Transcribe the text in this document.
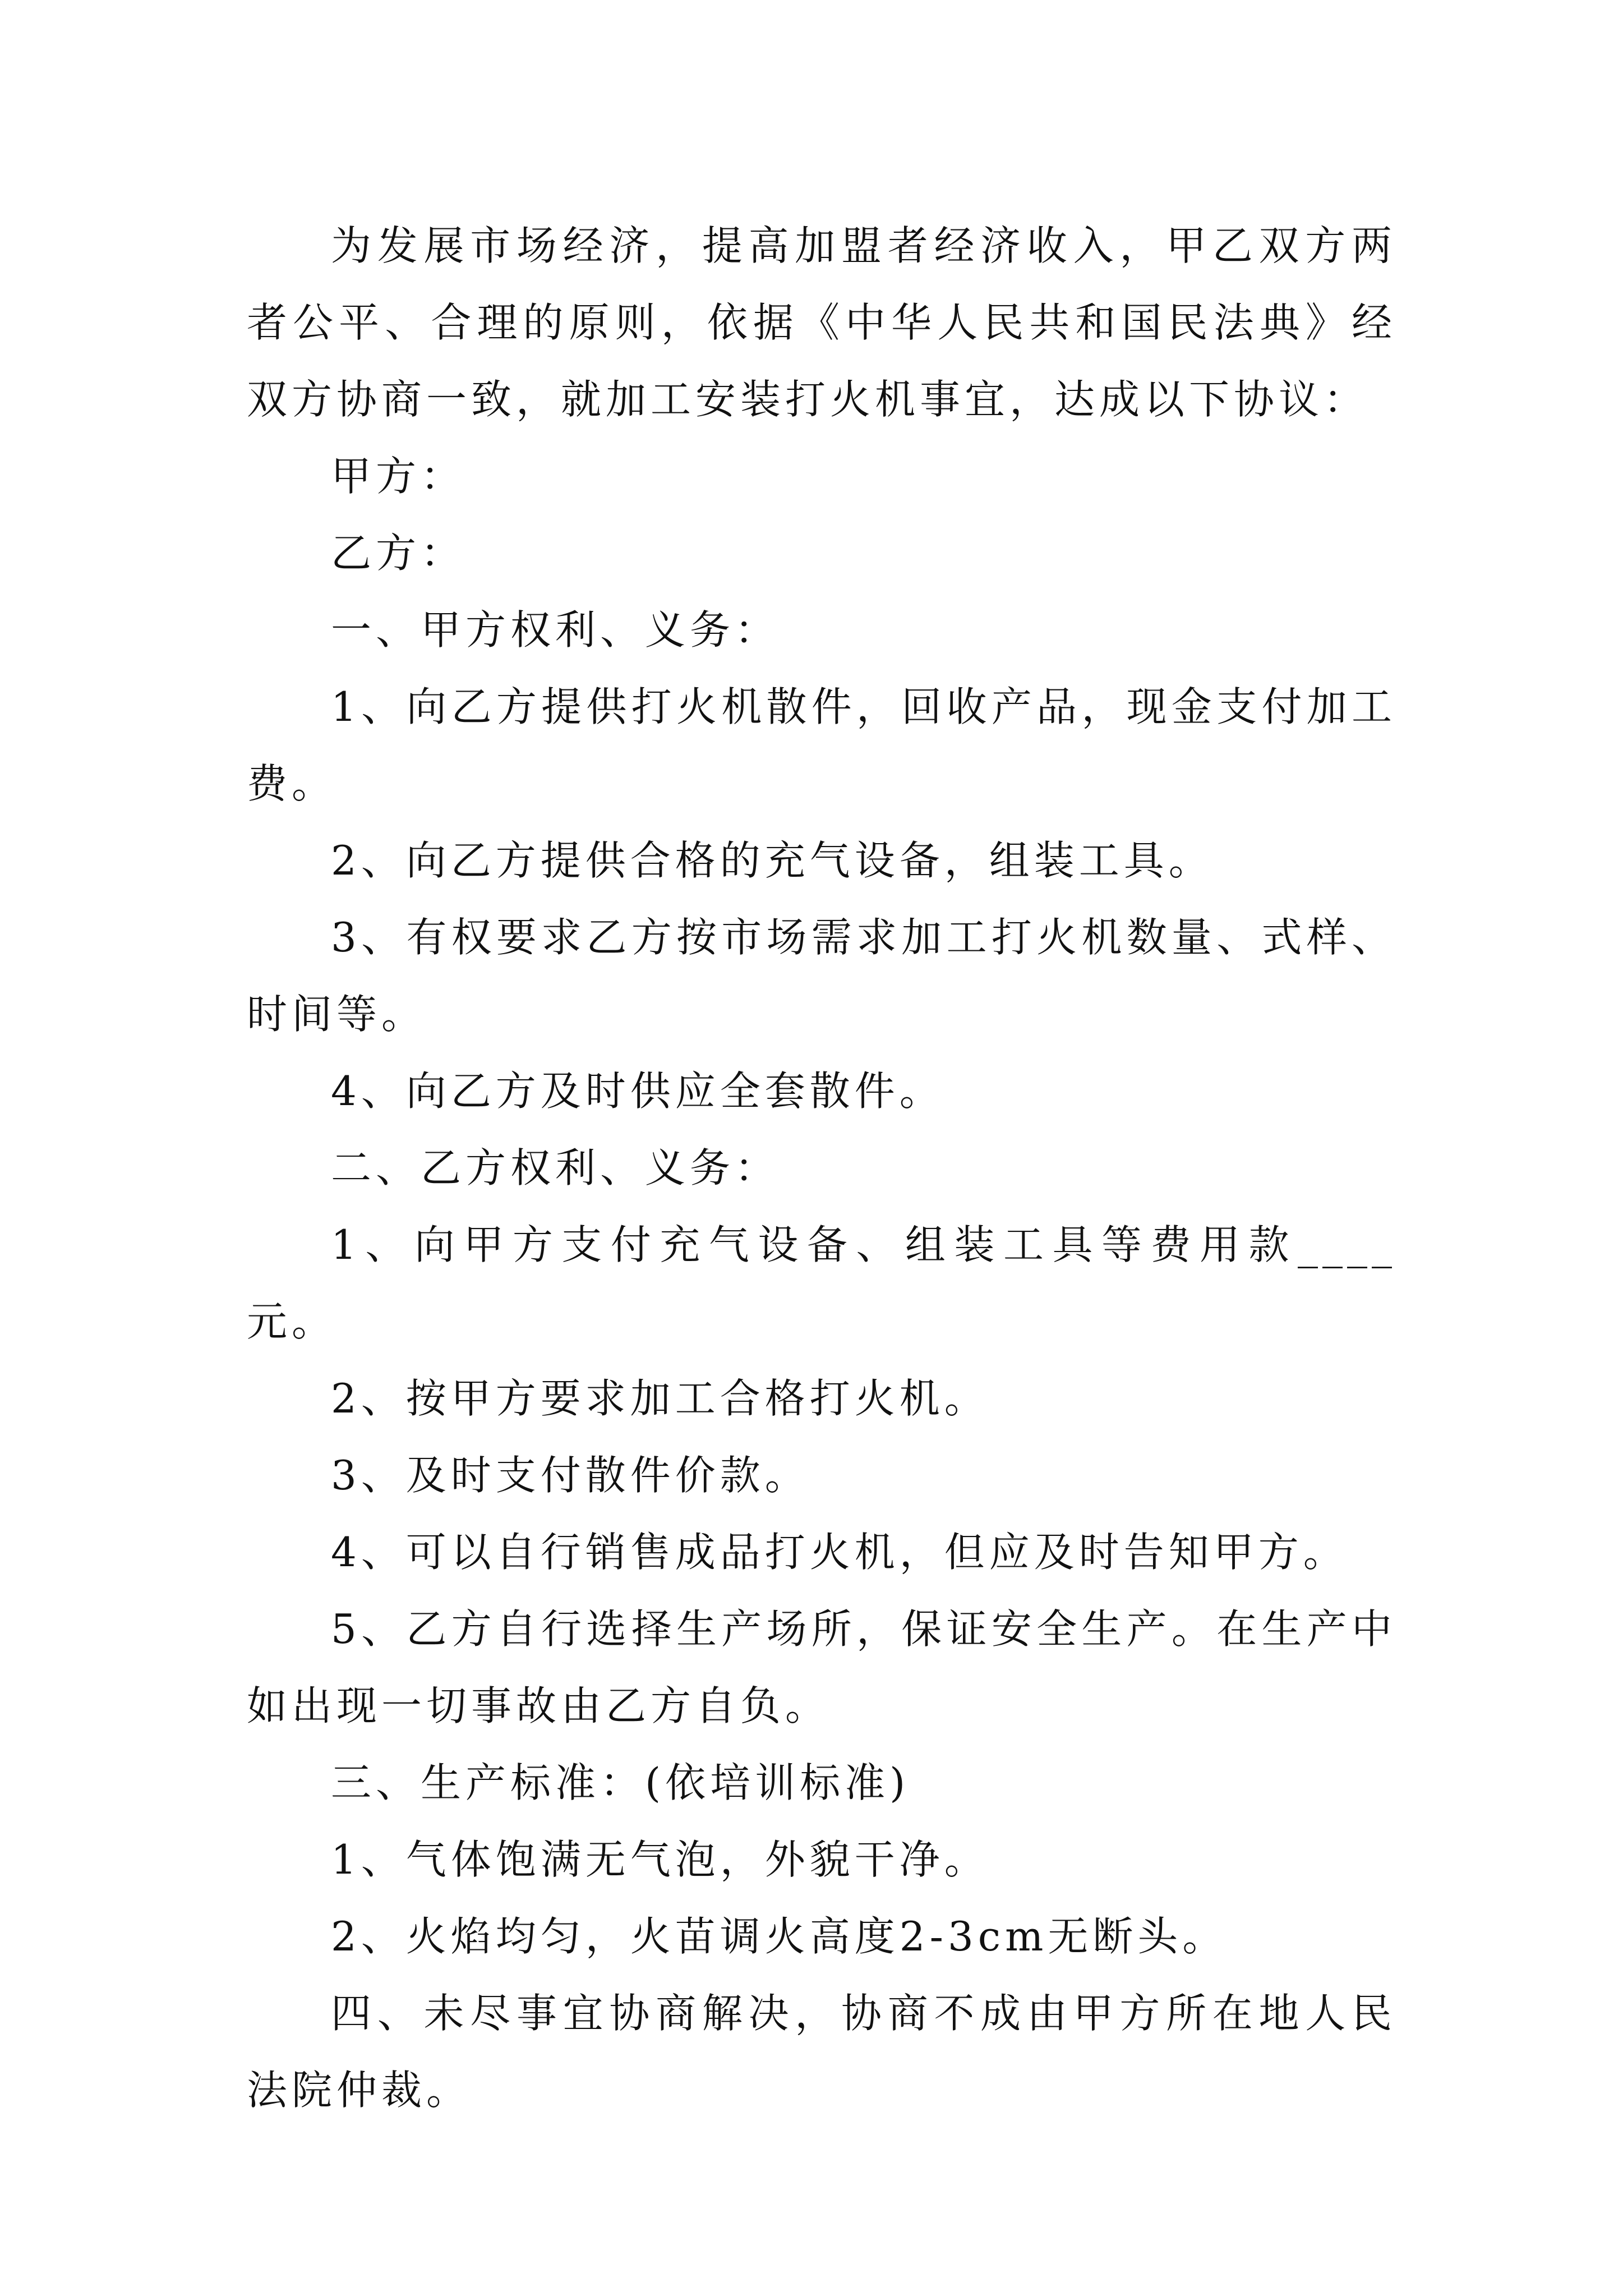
为发展市场经济，提高加盟者经济收入，甲乙双方两者公平、合理的原则，依据《中华人民共和国民法典》经双方协商一致，就加工安装打火机事宜，达成以下协议：

甲方：

乙方：

一、甲方权利、义务：

1、向乙方提供打火机散件，回收产品，现金支付加工费。

2、向乙方提供合格的充气设备，组装工具。

3、有权要求乙方按市场需求加工打火机数量、式样、时间等。

4、向乙方及时供应全套散件。

二、乙方权利、义务：

1、向甲方支付充气设备、组装工具等费用款____元。

2、按甲方要求加工合格打火机。

3、及时支付散件价款。

4、可以自行销售成品打火机，但应及时告知甲方。

5、乙方自行选择生产场所，保证安全生产。在生产中如出现一切事故由乙方自负。

三、生产标准：(依培训标准)

1、气体饱满无气泡，外貌干净。

2、火焰均匀，火苗调火高度2-3cm无断头。

四、未尽事宜协商解决，协商不成由甲方所在地人民法院仲裁。
